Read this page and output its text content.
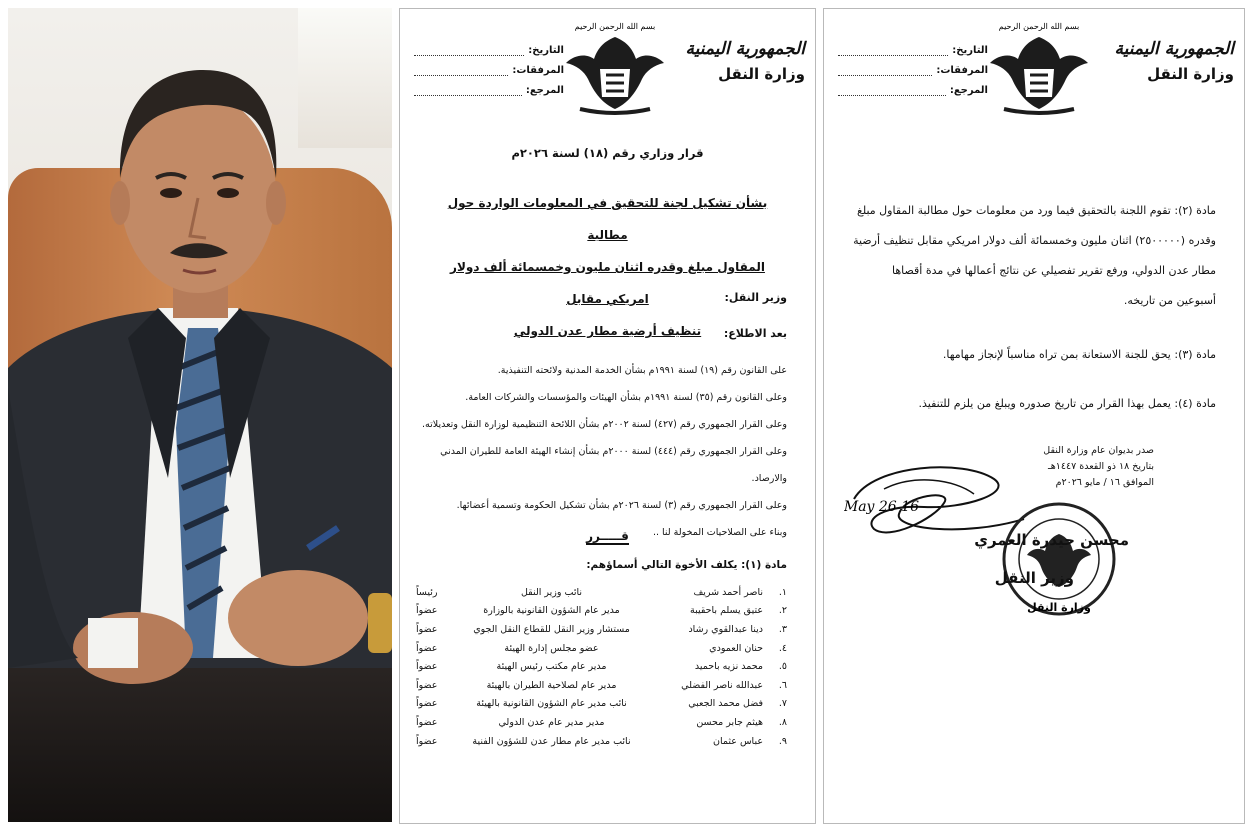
الجمهورية اليمنية
وزارة النقل
بسم الله الرحمن الرحيم
التاريخ:
المرفقات:
المرجع:
قرار وزاري رقم (١٨) لسنة ٢٠٢٦م
بشأن تشكيل لجنة للتحقيق في المعلومات الواردة حول مطالبة
المقاول مبلغ وقدره اثنان مليون وخمسمائة ألف دولار امريكي مقابل
تنظيف أرضية مطار عدن الدولي
وزير النقل:
بعد الاطلاع:
على القانون رقم (١٩) لسنة ١٩٩١م بشأن الخدمة المدنية ولائحته التنفيذية.
وعلى القانون رقم (٣٥) لسنة ١٩٩١م بشأن الهيئات والمؤسسات والشركات العامة.
وعلى القرار الجمهوري رقم (٤٢٧) لسنة ٢٠٠٢م بشأن اللائحة التنظيمية لوزارة النقل وتعديلاته.
وعلى القرار الجمهوري رقم (٤٤٤) لسنة ٢٠٠٠م بشأن إنشاء الهيئة العامة للطيران المدني والارصاد.
وعلى القرار الجمهوري رقم (٣) لسنة ٢٠٢٦م بشأن تشكيل الحكومة وتسمية أعضائها.
وبناء على الصلاحيات المخولة لنا ..
قـــــرر
مادة (١): يكلف الأخوة التالي أسماؤهم:
١.
ناصر أحمد شريف
نائب وزير النقل
رئيساً
٢.
عتيق يسلم باحقيبة
مدير عام الشؤون القانونية بالوزارة
عضواً
٣.
دينا عبدالقوي رشاد
مستشار وزير النقل للقطاع النقل الجوي
عضواً
٤.
حنان العمودي
عضو مجلس إدارة الهيئة
عضواً
٥.
محمد نزيه باحميد
مدير عام مكتب رئيس الهيئة
عضواً
٦.
عبدالله ناصر الفضلي
مدير عام لصلاحية الطيران بالهيئة
عضواً
٧.
فضل محمد الجعبي
نائب مدير عام الشؤون القانونية بالهيئة
عضواً
٨.
هيثم جابر محسن
مدير مدير عام عدن الدولي
عضواً
٩.
عباس عثمان
نائب مدير عام مطار عدن للشؤون الفنية
عضواً
الجمهورية اليمنية
وزارة النقل
بسم الله الرحمن الرحيم
التاريخ:
المرفقات:
المرجع:
مادة (٢): تقوم اللجنة بالتحقيق فيما ورد من معلومات حول مطالبة المقاول مبلغ وقدره (٢٥٠٠٠٠٠) اثنان مليون وخمسمائة ألف دولار امريكي مقابل تنظيف أرضية مطار عدن الدولي، ورفع تقرير تفصيلي عن نتائج أعمالها في مدة أقصاها أسبوعين من تاريخه.
مادة (٣): يحق للجنة الاستعانة بمن تراه مناسباً لإنجاز مهامها.
مادة (٤): يعمل بهذا القرار من تاريخ صدوره ويبلغ من يلزم للتنفيذ.
صدر بديوان عام وزارة النقل
بتاريخ ١٨ ذو القعدة ١٤٤٧هـ
الموافق ١٦ / مايو ٢٠٢٦م
16 May 26
وزارة النقل
محسن حيدرة العمري
وزير النقل
